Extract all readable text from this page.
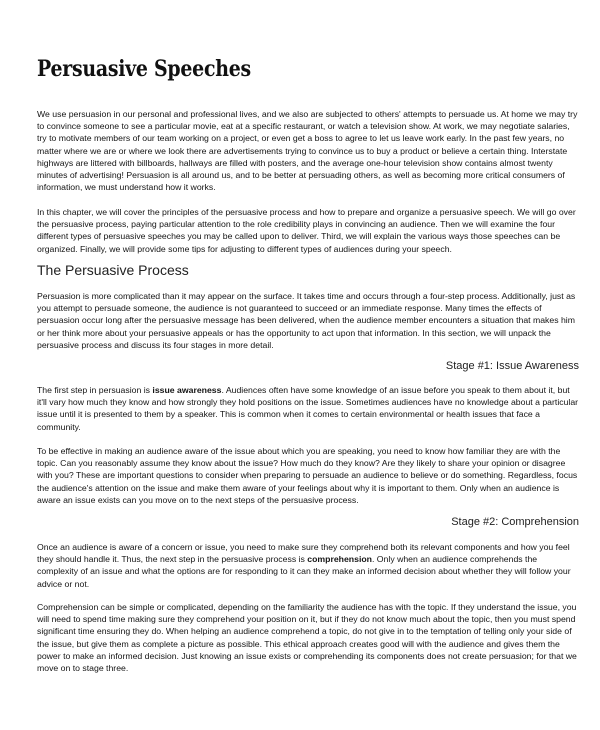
Persuasive Speeches

We use persuasion in our personal and professional lives, and we also are subjected to others' attempts to persuade us. At home we may try to convince someone to see a particular movie, eat at a specific restaurant, or watch a television show. At work, we may negotiate salaries, try to motivate members of our team working on a project, or even get a boss to agree to let us leave work early. In the past few years, no matter where we are or where we look there are advertisements trying to convince us to buy a product or believe a certain thing. Interstate highways are littered with billboards, hallways are filled with posters, and the average one-hour television show contains almost twenty minutes of advertising! Persuasion is all around us, and to be better at persuading others, as well as becoming more critical consumers of information, we must understand how it works.

In this chapter, we will cover the principles of the persuasive process and how to prepare and organize a persuasive speech. We will go over the persuasive process, paying particular attention to the role credibility plays in convincing an audience. Then we will examine the four different types of persuasive speeches you may be called upon to deliver. Third, we will explain the various ways those speeches can be organized. Finally, we will provide some tips for adjusting to different types of audiences during your speech.

The Persuasive Process

Persuasion is more complicated than it may appear on the surface. It takes time and occurs through a four-step process. Additionally, just as you attempt to persuade someone, the audience is not guaranteed to succeed or an immediate response. Many times the effects of persuasion occur long after the persuasive message has been delivered, when the audience member encounters a situation that makes him or her think more about your persuasive appeals or has the opportunity to act upon that information. In this section, we will unpack the persuasive process and discuss its four stages in more detail.

Stage #1: Issue Awareness

The first step in persuasion is issue awareness. Audiences often have some knowledge of an issue before you speak to them about it, but it'll vary how much they know and how strongly they hold positions on the issue. Sometimes audiences have no knowledge about a particular issue until it is presented to them by a speaker. This is common when it comes to certain environmental or health issues that face a community.

To be effective in making an audience aware of the issue about which you are speaking, you need to know how familiar they are with the topic. Can you reasonably assume they know about the issue? How much do they know? Are they likely to share your opinion or disagree with you? These are important questions to consider when preparing to persuade an audience to believe or do something. Regardless, focus the audience's attention on the issue and make them aware of your feelings about why it is important to them. Only when an audience is aware an issue exists can you move on to the next steps of the persuasive process.

Stage #2: Comprehension

Once an audience is aware of a concern or issue, you need to make sure they comprehend both its relevant components and how you feel they should handle it. Thus, the next step in the persuasive process is comprehension. Only when an audience comprehends the complexity of an issue and what the options are for responding to it can they make an informed decision about whether they will follow your advice or not.

Comprehension can be simple or complicated, depending on the familiarity the audience has with the topic. If they understand the issue, you will need to spend time making sure they comprehend your position on it, but if they do not know much about the topic, then you must spend significant time ensuring they do. When helping an audience comprehend a topic, do not give in to the temptation of telling only your side of the issue, but give them as complete a picture as possible. This ethical approach creates good will with the audience and gives them the power to make an informed decision. Just knowing an issue exists or comprehending its components does not create persuasion; for that we move on to stage three.
